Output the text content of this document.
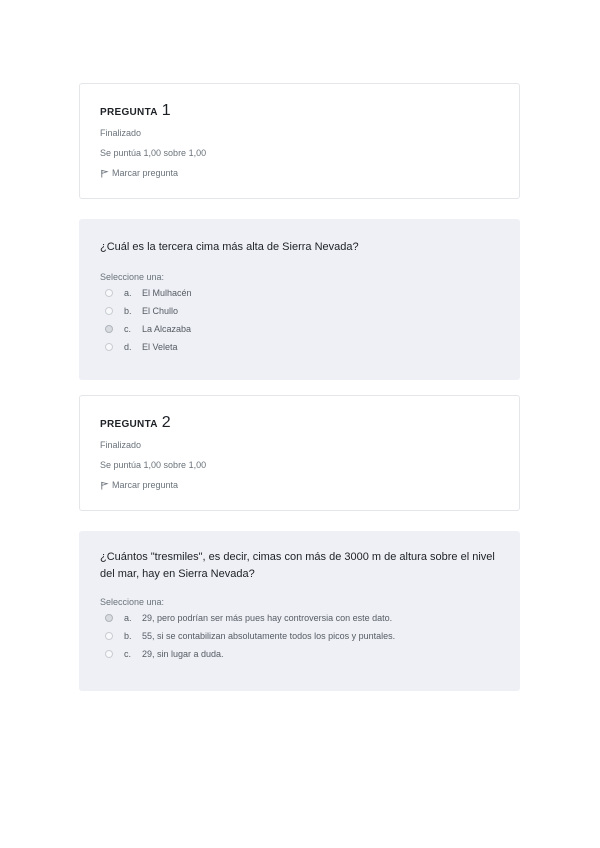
PREGUNTA 1
Finalizado
Se puntúa 1,00 sobre 1,00
Marcar pregunta
¿Cuál es la tercera cima más alta de Sierra Nevada?
Seleccione una:
a.	El Mulhacén
b.	El Chullo
c.	La Alcazaba
d.	El Veleta
PREGUNTA 2
Finalizado
Se puntúa 1,00 sobre 1,00
Marcar pregunta
¿Cuántos "tresmiles", es decir, cimas con más de 3000 m de altura sobre el nivel del mar, hay en Sierra Nevada?
Seleccione una:
a.	29, pero podrían ser más pues hay controversia con este dato.
b.	55, si se contabilizan absolutamente todos los picos y puntales.
c.	29, sin lugar a duda.
